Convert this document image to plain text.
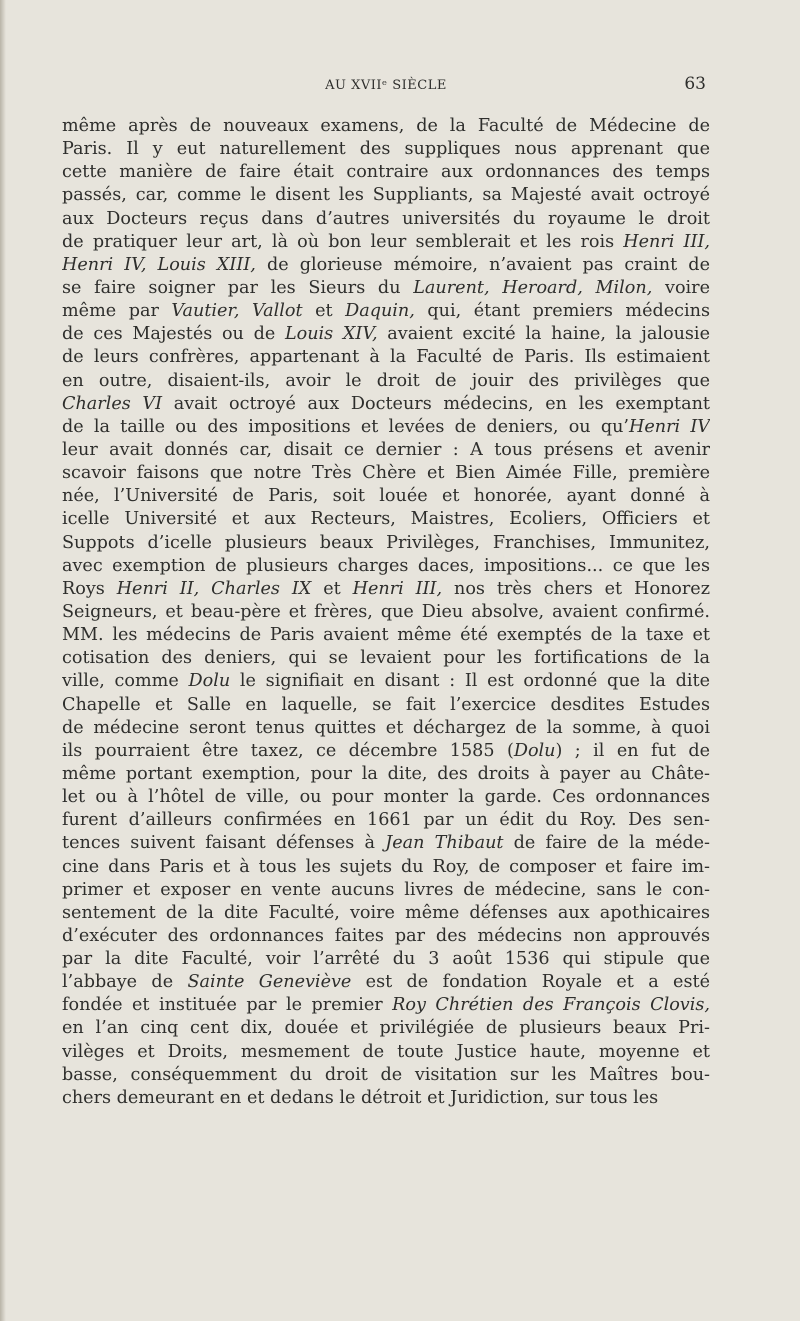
AU XVIIᵉ SIÈCLE	63
même après de nouveaux examens, de la Faculté de Médecine de
Paris. Il y eut naturellement des suppliques nous apprenant que
cette manière de faire était contraire aux ordonnances des temps
passés, car, comme le disent les Suppliants, sa Majesté avait octroyé
aux Docteurs reçus dans d’autres universités du royaume le droit
de pratiquer leur art, là où bon leur semblerait et les rois Henri III,
Henri IV, Louis XIII, de glorieuse mémoire, n’avaient pas craint de
se faire soigner par les Sieurs du Laurent, Heroard, Milon, voire
même par Vautier, Vallot et Daquin, qui, étant premiers médecins
de ces Majestés ou de Louis XIV, avaient excité la haine, la jalousie
de leurs confrères, appartenant à la Faculté de Paris. Ils estimaient
en outre, disaient-ils, avoir le droit de jouir des privilèges que
Charles VI avait octroyé aux Docteurs médecins, en les exemptant
de la taille ou des impositions et levées de deniers, ou qu’Henri IV
leur avait donnés car, disait ce dernier : A tous présens et avenir
scavoir faisons que notre Très Chère et Bien Aimée Fille, première
née, l’Université de Paris, soit louée et honorée, ayant donné à
icelle Université et aux Recteurs, Maistres, Ecoliers, Officiers et
Suppots d’icelle plusieurs beaux Privilèges, Franchises, Immunitez,
avec exemption de plusieurs charges daces, impositions... ce que les
Roys Henri II, Charles IX et Henri III, nos très chers et Honorez
Seigneurs, et beau-père et frères, que Dieu absolve, avaient confirmé.
MM. les médecins de Paris avaient même été exemptés de la taxe et
cotisation des deniers, qui se levaient pour les fortifications de la
ville, comme Dolu le signifiait en disant : Il est ordonné que la dite
Chapelle et Salle en laquelle, se fait l’exercice desdites Estudes
de médecine seront tenus quittes et déchargez de la somme, à quoi
ils pourraient être taxez, ce décembre 1585 (Dolu) ; il en fut de
même portant exemption, pour la dite, des droits à payer au Châte-
let ou à l’hôtel de ville, ou pour monter la garde. Ces ordonnances
furent d’ailleurs confirmées en 1661 par un édit du Roy. Des sen-
tences suivent faisant défenses à Jean Thibaut de faire de la méde-
cine dans Paris et à tous les sujets du Roy, de composer et faire im-
primer et exposer en vente aucuns livres de médecine, sans le con-
sentement de la dite Faculté, voire même défenses aux apothicaires
d’exécuter des ordonnances faites par des médecins non approuvés
par la dite Faculté, voir l’arrêté du 3 août 1536 qui stipule que
l’abbaye de Sainte Geneviève est de fondation Royale et a esté
fondée et instituée par le premier Roy Chrétien des François Clovis,
en l’an cinq cent dix, douée et privilégiée de plusieurs beaux Pri-
vilèges et Droits, mesmement de toute Justice haute, moyenne et
basse, conséquemment du droit de visitation sur les Maîtres bou-
chers demeurant en et dedans le détroit et Juridiction, sur tous les
